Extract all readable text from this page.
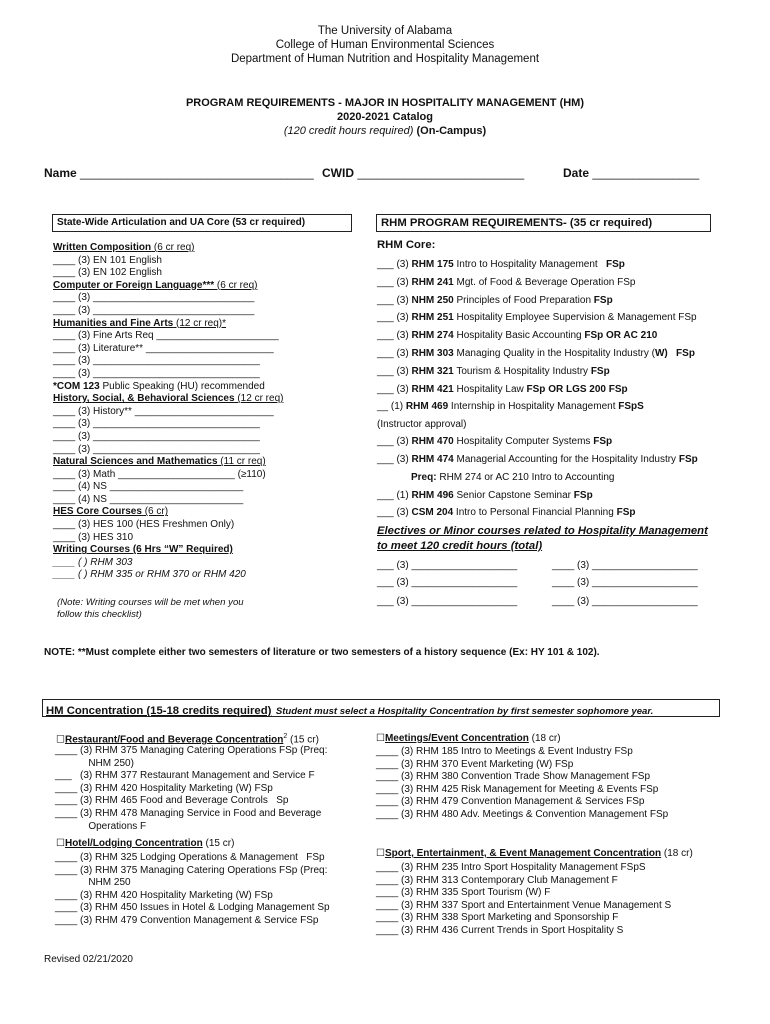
The University of Alabama
College of Human Environmental Sciences
Department of Human Nutrition and Hospitality Management
PROGRAM REQUIREMENTS - MAJOR IN HOSPITALITY MANAGEMENT (HM)
2020-2021 Catalog
(120 credit hours required) (On-Campus)
Name ___________________________________ CWID _________________________	Date ________________
State-Wide Articulation and UA Core (53 cr required)
Written Composition (6 cr req)
____ (3) EN 101 English
____ (3) EN 102 English
Computer or Foreign Language*** (6 cr req)
____ (3) _____________________________
____ (3) _____________________________
Humanities and Fine Arts (12 cr req)*
____ (3) Fine Arts Req ______________________
____ (3) Literature** _______________________
____ (3) ______________________________
____ (3) ______________________________
*COM 123 Public Speaking (HU) recommended
History, Social, & Behavioral Sciences (12 cr req)
____ (3) History** _________________________
____ (3) ______________________________
____ (3) ______________________________
____ (3) ______________________________
Natural Sciences and Mathematics (11 cr req)
____ (3) Math _____________________ (≥110)
____ (4) NS ________________________
____ (4) NS ________________________
HES Core Courses (6 cr)
____ (3) HES 100 (HES Freshmen Only)
____ (3) HES 310
Writing Courses (6 Hrs “W” Required)
____ ( ) RHM 303
____ ( ) RHM 335 or RHM 370 or RHM 420
(Note: Writing courses will be met when you
follow this checklist)
RHM PROGRAM REQUIREMENTS- (35 cr required)
RHM Core:
___ (3) RHM 175 Intro to Hospitality Management   FSp
___ (3) RHM 241 Mgt. of Food & Beverage Operation FSp
___ (3) NHM 250 Principles of Food Preparation FSp
___ (3) RHM 251 Hospitality Employee Supervision & Management FSp
___ (3) RHM 274 Hospitality Basic Accounting FSp OR AC 210
___ (3) RHM 303 Managing Quality in the Hospitality Industry (W)   FSp
___ (3) RHM 321 Tourism & Hospitality Industry FSp
___ (3) RHM 421 Hospitality Law FSp OR LGS 200 FSp
__ (1) RHM 469 Internship in Hospitality Management FSpS
(Instructor approval)
___ (3) RHM 470 Hospitality Computer Systems FSp
___ (3) RHM 474 Managerial Accounting for the Hospitality Industry FSp
Preq: RHM 274 or AC 210 Intro to Accounting
___ (1) RHM 496 Senior Capstone Seminar FSp
___ (3) CSM 204 Intro to Personal Financial Planning FSp
Electives or Minor courses related to Hospitality Management
to meet 120 credit hours (total)
___ (3) ___________________	____ (3) ___________________
___ (3) ___________________	____ (3) ___________________
___ (3) ___________________	____ (3) ___________________
NOTE: **Must complete either two semesters of literature or two semesters of a history sequence (Ex: HY 101 & 102).
HM Concentration (15-18 credits required) Student must select a Hospitality Concentration by first semester sophomore year.
☐Restaurant/Food and Beverage Concentration$^2$ (15 cr)
____ (3) RHM 375 Managing Catering Operations FSp (Preq:
NHM 250)
___   (3) RHM 377 Restaurant Management and Service F
____ (3) RHM 420 Hospitality Marketing (W) FSp
____ (3) RHM 465 Food and Beverage Controls   Sp
____ (3) RHM 478 Managing Service in Food and Beverage
Operations F
☐Hotel/Lodging Concentration (15 cr)
____ (3) RHM 325 Lodging Operations & Management   FSp
____ (3) RHM 375 Managing Catering Operations FSp (Preq:
NHM 250
____ (3) RHM 420 Hospitality Marketing (W) FSp
____ (3) RHM 450 Issues in Hotel & Lodging Management Sp
____ (3) RHM 479 Convention Management & Service FSp
☐Meetings/Event Concentration (18 cr)
____ (3) RHM 185 Intro to Meetings & Event Industry FSp
____ (3) RHM 370 Event Marketing (W) FSp
____ (3) RHM 380 Convention Trade Show Management FSp
____ (3) RHM 425 Risk Management for Meeting & Events FSp
____ (3) RHM 479 Convention Management & Services FSp
____ (3) RHM 480 Adv. Meetings & Convention Management FSp
☐Sport, Entertainment, & Event Management Concentration (18 cr)
____ (3) RHM 235 Intro Sport Hospitality Management FSpS
____ (3) RHM 313 Contemporary Club Management F
____ (3) RHM 335 Sport Tourism (W) F
____ (3) RHM 337 Sport and Entertainment Venue Management S
____ (3) RHM 338 Sport Marketing and Sponsorship F
____ (3) RHM 436 Current Trends in Sport Hospitality S
Revised 02/21/2020
